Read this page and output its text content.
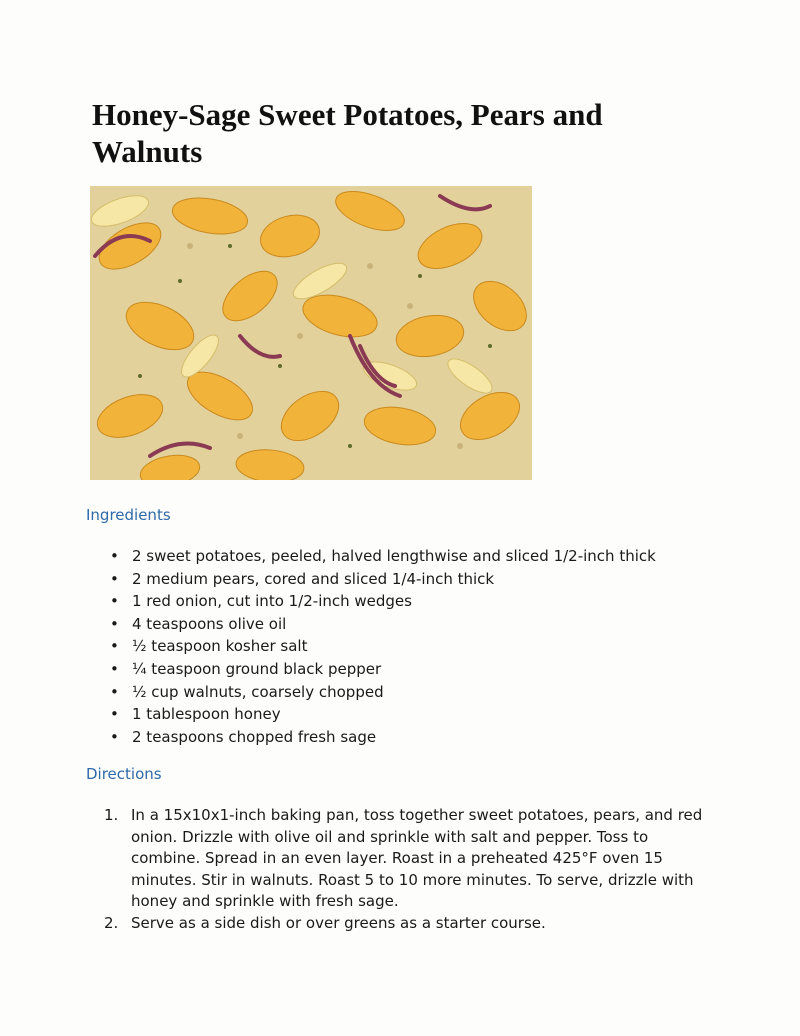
Honey-Sage Sweet Potatoes, Pears and Walnuts
Ingredients
• 2 sweet potatoes, peeled, halved lengthwise and sliced 1/2-inch thick
• 2 medium pears, cored and sliced 1/4-inch thick
• 1 red onion, cut into 1/2-inch wedges
• 4 teaspoons olive oil
• ½ teaspoon kosher salt
• ¼ teaspoon ground black pepper
• ½ cup walnuts, coarsely chopped
• 1 tablespoon honey
• 2 teaspoons chopped fresh sage
Directions
1. In a 15x10x1-inch baking pan, toss together sweet potatoes, pears, and red onion. Drizzle with olive oil and sprinkle with salt and pepper. Toss to combine. Spread in an even layer. Roast in a preheated 425°F oven 15 minutes. Stir in walnuts. Roast 5 to 10 more minutes. To serve, drizzle with honey and sprinkle with fresh sage.
2. Serve as a side dish or over greens as a starter course.
